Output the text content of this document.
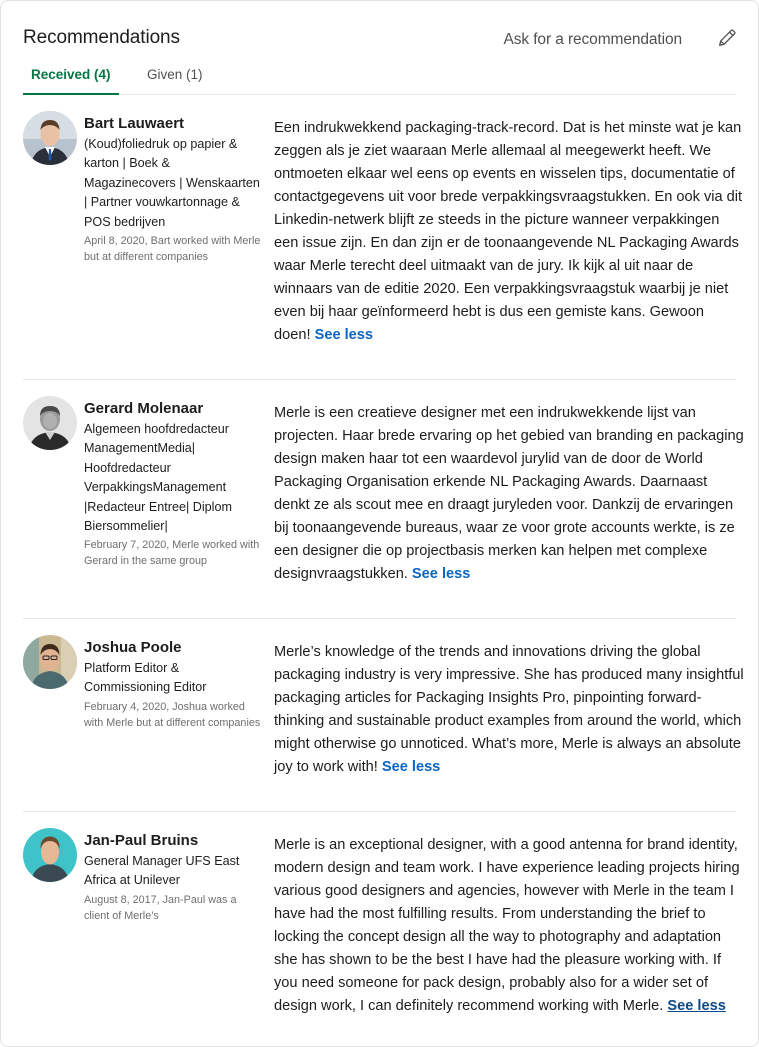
Recommendations	Ask for a recommendation
Received (4)	Given (1)
Bart Lauwaert
(Koud)foliedruk op papier & karton | Boek & Magazinecovers | Wenskaarten | Partner vouwkartonnage & POS bedrijven
April 8, 2020, Bart worked with Merle but at different companies
Een indrukwekkend packaging-track-record. Dat is het minste wat je kan zeggen als je ziet waaraan Merle allemaal al meegewerkt heeft. We ontmoeten elkaar wel eens op events en wisselen tips, documentatie of contactgegevens uit voor brede verpakkingsvraagstukken. En ook via dit Linkedin-netwerk blijft ze steeds in the picture wanneer verpakkingen een issue zijn. En dan zijn er de toonaangevende NL Packaging Awards waar Merle terecht deel uitmaakt van de jury. Ik kijk al uit naar de winnaars van de editie 2020. Een verpakkingsvraagstuk waarbij je niet even bij haar geïnformeerd hebt is dus een gemiste kans. Gewoon doen! See less
Gerard Molenaar
Algemeen hoofdredacteur ManagementMedia| Hoofdredacteur VerpakkingsManagement |Redacteur Entree| Diplom Biersommelier|
February 7, 2020, Merle worked with Gerard in the same group
Merle is een creatieve designer met een indrukwekkende lijst van projecten. Haar brede ervaring op het gebied van branding en packaging design maken haar tot een waardevol jurylid van de door de World Packaging Organisation erkende NL Packaging Awards. Daarnaast denkt ze als scout mee en draagt juryleden voor. Dankzij de ervaringen bij toonaangevende bureaus, waar ze voor grote accounts werkte, is ze een designer die op projectbasis merken kan helpen met complexe designvraagstukken. See less
Joshua Poole
Platform Editor & Commissioning Editor
February 4, 2020, Joshua worked with Merle but at different companies
Merle’s knowledge of the trends and innovations driving the global packaging industry is very impressive. She has produced many insightful packaging articles for Packaging Insights Pro, pinpointing forward-thinking and sustainable product examples from around the world, which might otherwise go unnoticed. What’s more, Merle is always an absolute joy to work with! See less
Jan-Paul Bruins
General Manager UFS East Africa at Unilever
August 8, 2017, Jan-Paul was a client of Merle’s
Merle is an exceptional designer, with a good antenna for brand identity, modern design and team work. I have experience leading projects hiring various good designers and agencies, however with Merle in the team I have had the most fulfilling results. From understanding the brief to locking the concept design all the way to photography and adaptation she has shown to be the best I have had the pleasure working with. If you need someone for pack design, probably also for a wider set of design work, I can definitely recommend working with Merle. See less
